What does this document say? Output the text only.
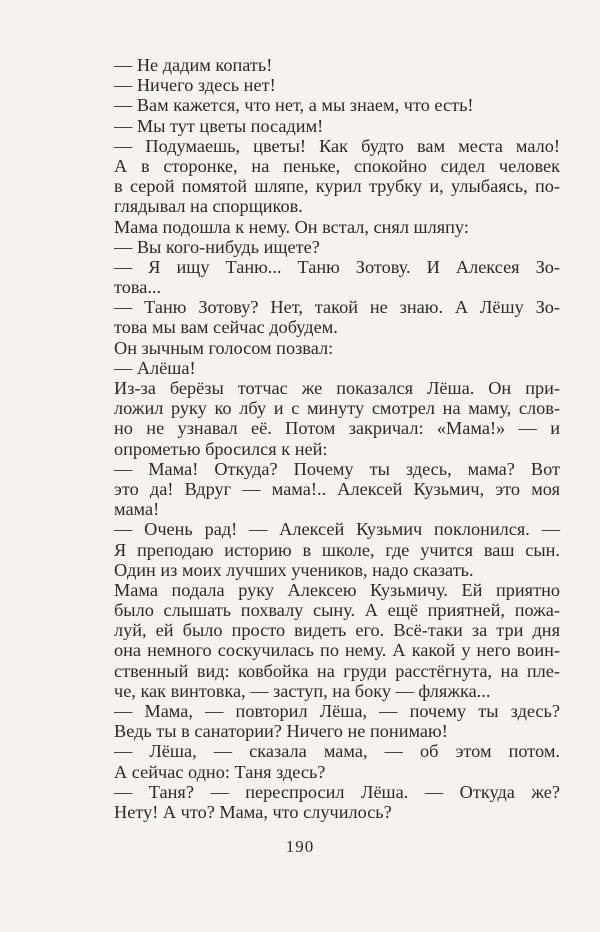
— Не дадим копать!
— Ничего здесь нет!
— Вам кажется, что нет, а мы знаем, что есть!
— Мы тут цветы посадим!
— Подумаешь, цветы! Как будто вам места мало!
А в сторонке, на пеньке, спокойно сидел человек
в серой помятой шляпе, курил трубку и, улыбаясь, по-
глядывал на спорщиков.
Мама подошла к нему. Он встал, снял шляпу:
— Вы кого-нибудь ищете?
— Я ищу Таню... Таню Зотову. И Алексея Зо-
това...
— Таню Зотову? Нет, такой не знаю. А Лёшу Зо-
това мы вам сейчас добудем.
Он зычным голосом позвал:
— Алёша!
Из-за берёзы тотчас же показался Лёша. Он при-
ложил руку ко лбу и с минуту смотрел на маму, слов-
но не узнавал её. Потом закричал: «Мама!» — и
опрометью бросился к ней:
— Мама! Откуда? Почему ты здесь, мама? Вот
это да! Вдруг — мама!.. Алексей Кузьмич, это моя
мама!
— Очень рад! — Алексей Кузьмич поклонился. —
Я преподаю историю в школе, где учится ваш сын.
Один из моих лучших учеников, надо сказать.
Мама подала руку Алексею Кузьмичу. Ей приятно
было слышать похвалу сыну. А ещё приятней, пожа-
луй, ей было просто видеть его. Всё-таки за три дня
она немного соскучилась по нему. А какой у него воин-
ственный вид: ковбойка на груди расстёгнута, на пле-
че, как винтовка, — заступ, на боку — фляжка...
— Мама, — повторил Лёша, — почему ты здесь?
Ведь ты в санатории? Ничего не понимаю!
— Лёша, — сказала мама, — об этом потом.
А сейчас одно: Таня здесь?
— Таня? — переспросил Лёша. — Откуда же?
Нету! А что? Мама, что случилось?
190
